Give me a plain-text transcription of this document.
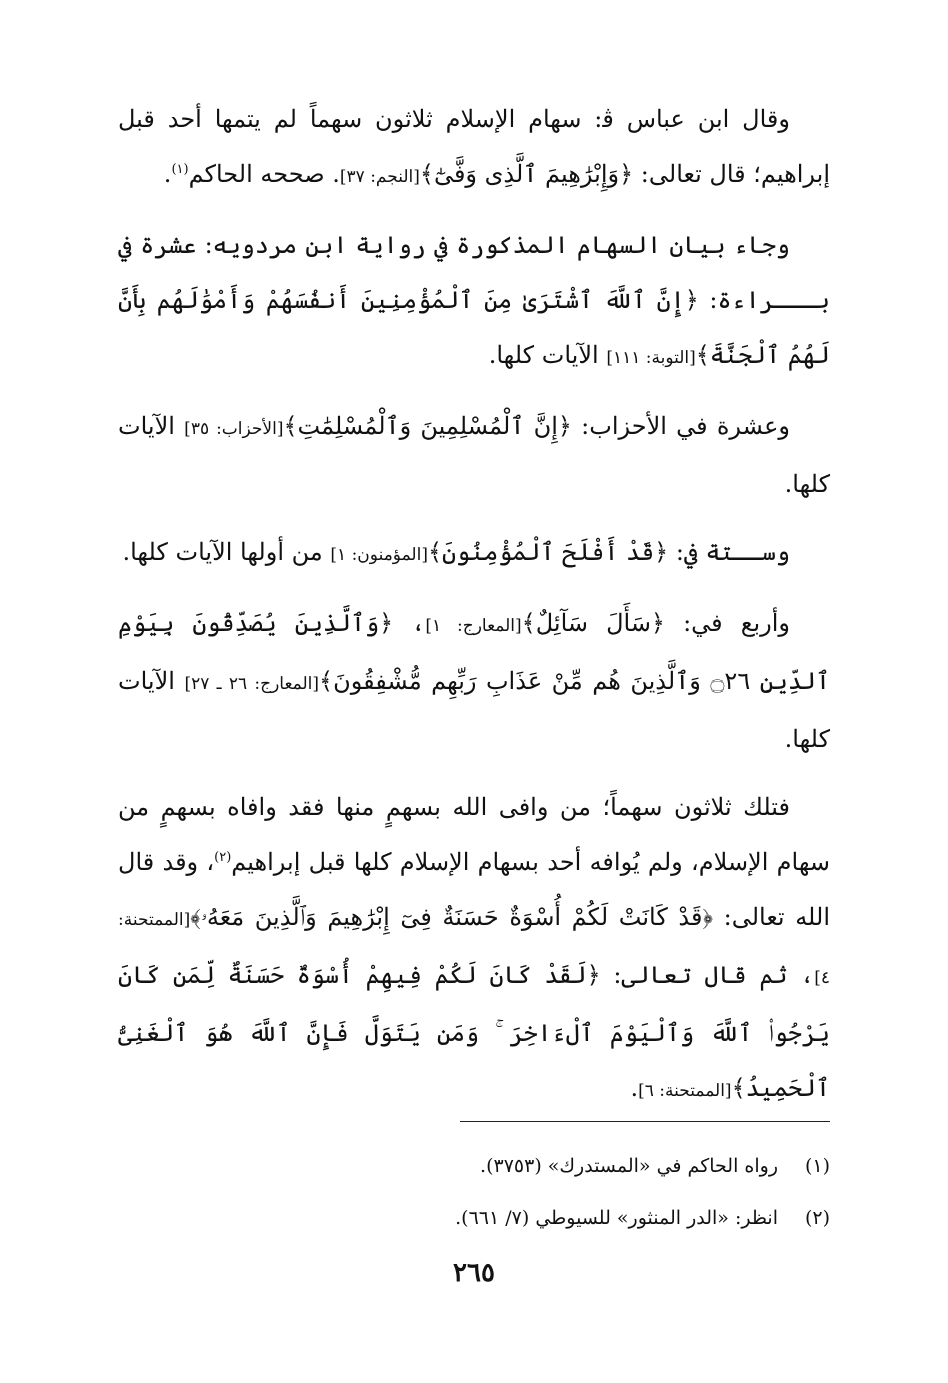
وقال ابن عباس ﭬ: سهام الإسلام ثلاثون سهماً لم يتمها أحد قبل إبراهيم؛ قال تعالى: ﴿وَإِبْرَٰهِيمَ ٱلَّذِى وَفَّىٰٓ﴾[النجم: ٣٧]. صححه الحاكم$^{(١)}$.

وجاء بيان السهام المذكورة في رواية ابن مردويه: عشرة في بـــراءة: ﴿إِنَّ ٱللَّهَ ٱشْتَرَىٰ مِنَ ٱلْمُؤْمِنِينَ أَنفُسَهُمْ وَأَمْوَٰلَهُم بِأَنَّ لَهُمُ ٱلْجَنَّةَ﴾[التوبة: ١١١] الآيات كلها.

وعشرة في الأحزاب: ﴿إِنَّ ٱلْمُسْلِمِينَ وَٱلْمُسْلِمَٰتِ﴾[الأحزاب: ٣٥] الآيات كلها.

وســتة في: ﴿قَدْ أَفْلَحَ ٱلْمُؤْمِنُونَ﴾[المؤمنون: ١] من أولها الآيات كلها.

وأربع في: ﴿سَأَلَ سَآئِلٌ﴾[المعارج: ١]، ﴿وَٱلَّذِينَ يُصَدِّقُونَ بِيَوْمِ ٱلدِّينِ ۝٢٦ وَٱلَّذِينَ هُم مِّنْ عَذَابِ رَبِّهِم مُّشْفِقُونَ﴾[المعارج: ٢٦ ـ ٢٧] الآيات كلها.

فتلك ثلاثون سهماً؛ من وافى الله بسهمٍ منها فقد وافاه بسهمٍ من سهام الإسلام، ولم يُوافه أحد بسهام الإسلام كلها قبل إبراهيم$^{(٢)}$، وقد قال الله تعالى: ﴿قَدْ كَانَتْ لَكُمْ أُسْوَةٌ حَسَنَةٌ فِىٓ إِبْرَٰهِيمَ وَٱلَّذِينَ مَعَهُۥ﴾[الممتحنة: ٤]، ثم قال تعالى: ﴿لَقَدْ كَانَ لَكُمْ فِيهِمْ أُسْوَةٌ حَسَنَةٌ لِّمَن كَانَ يَرْجُوا۟ ٱللَّهَ وَٱلْيَوْمَ ٱلْءَاخِرَ ۚ وَمَن يَتَوَلَّ فَإِنَّ ٱللَّهَ هُوَ ٱلْغَنِىُّ ٱلْحَمِيدُ﴾[الممتحنة: ٦].

(١)رواه الحاكم في «المستدرك» (٣٧٥٣).
(٢)انظر: «الدر المنثور» للسيوطي (٧/ ٦٦١).
٢٦٥
